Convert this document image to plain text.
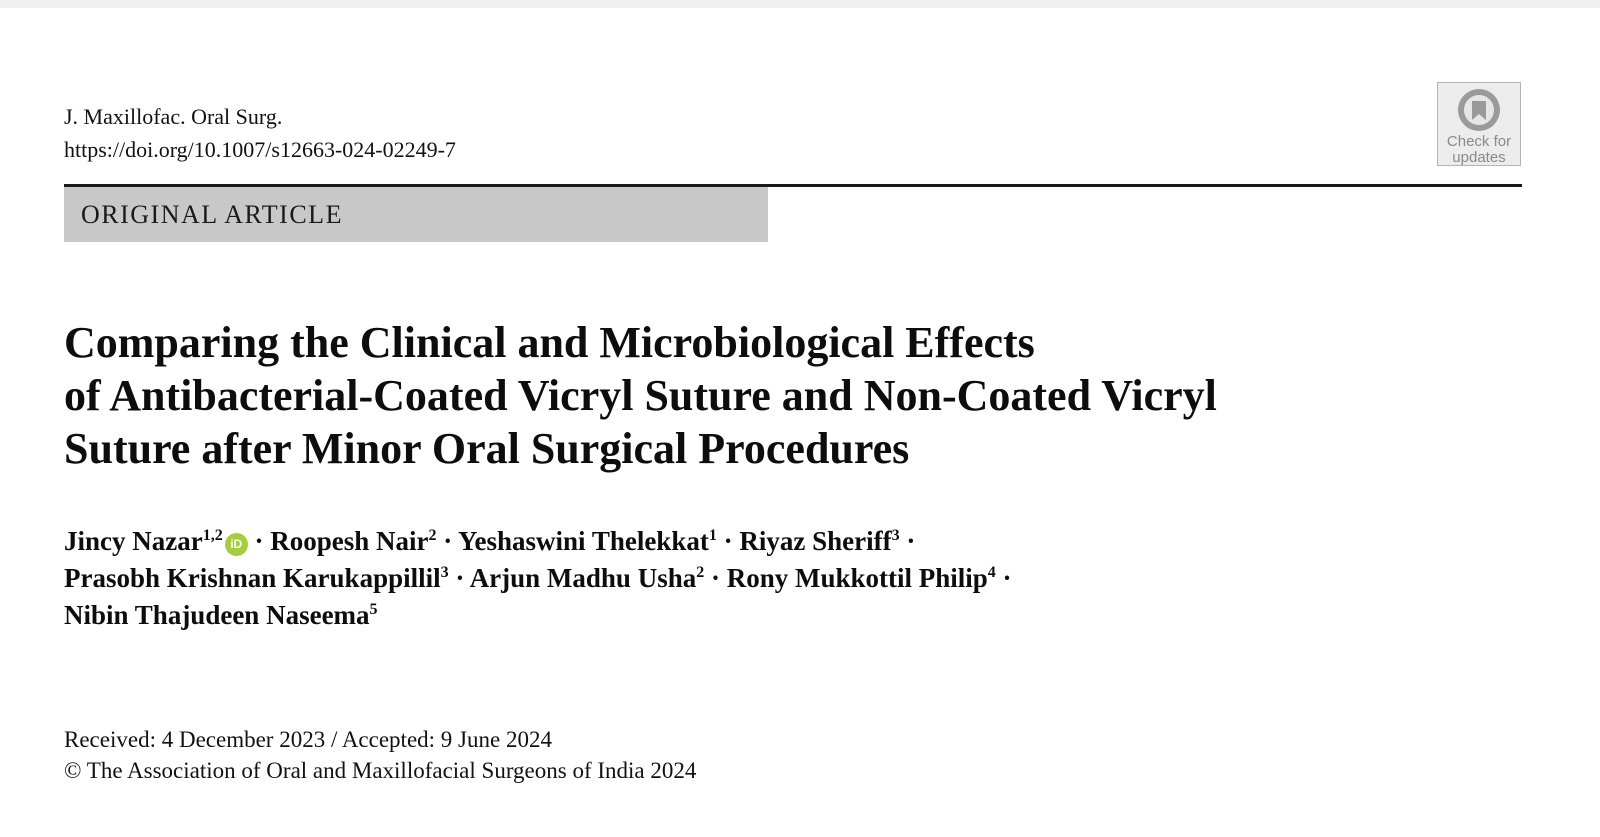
J. Maxillofac. Oral Surg.
https://doi.org/10.1007/s12663-024-02249-7	Check for
updates
ORIGINAL ARTICLE
Comparing the Clinical and Microbiological Effects
of Antibacterial-Coated Vicryl Suture and Non-Coated Vicryl
Suture after Minor Oral Surgical Procedures
Jincy Nazar$^{1,2}$ iD · Roopesh Nair$^2$ · Yeshaswini Thelekkat$^1$ · Riyaz Sheriff$^3$ ·
Prasobh Krishnan Karukappillil$^3$ · Arjun Madhu Usha$^2$ · Rony Mukkottil Philip$^4$ ·
Nibin Thajudeen Naseema$^5$
Received: 4 December 2023 / Accepted: 9 June 2024
© The Association of Oral and Maxillofacial Surgeons of India 2024
